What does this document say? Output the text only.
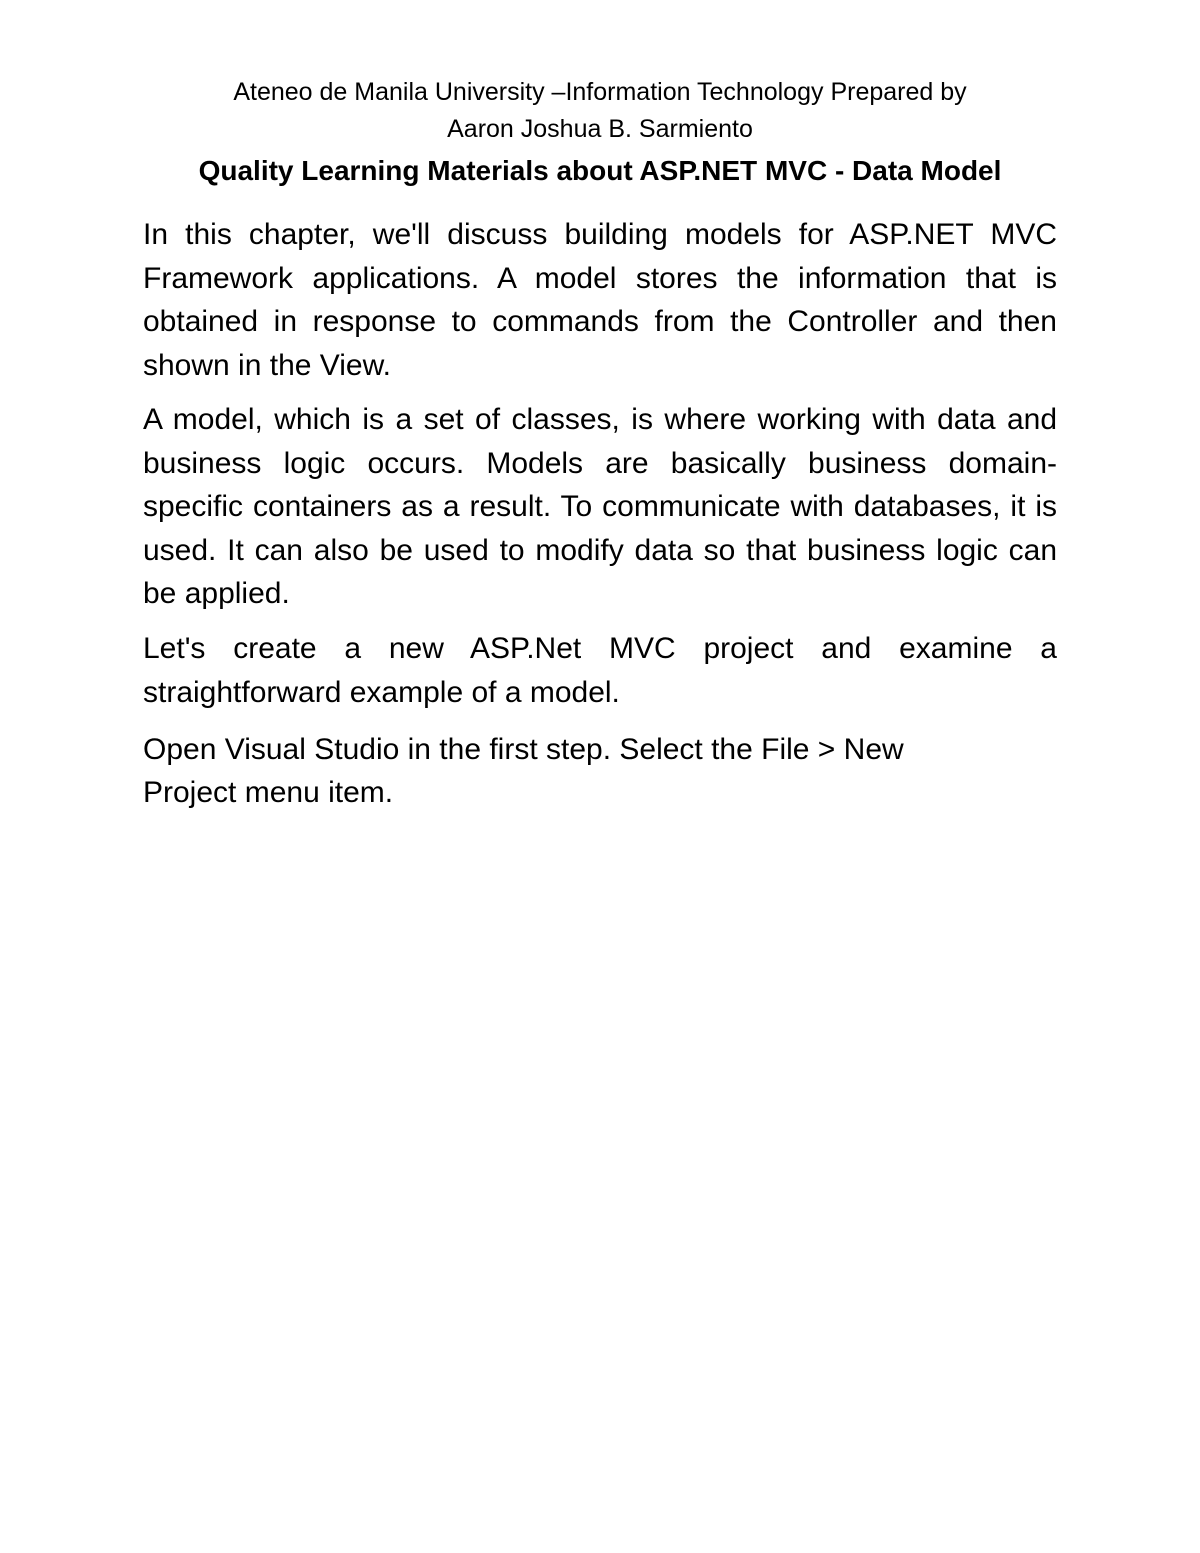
Ateneo de Manila University –Information Technology Prepared by
Aaron Joshua B. Sarmiento
Quality Learning Materials about ASP.NET MVC - Data Model

In this chapter, we'll discuss building models for ASP.NET MVC Framework applications. A model stores the information that is obtained in response to commands from the Controller and then shown in the View.

A model, which is a set of classes, is where working with data and business logic occurs. Models are basically business domain-specific containers as a result. To communicate with databases, it is used. It can also be used to modify data so that business logic can be applied.

Let's create a new ASP.Net MVC project and examine a straightforward example of a model.

Open Visual Studio in the first step. Select the File > New
Project menu item.
